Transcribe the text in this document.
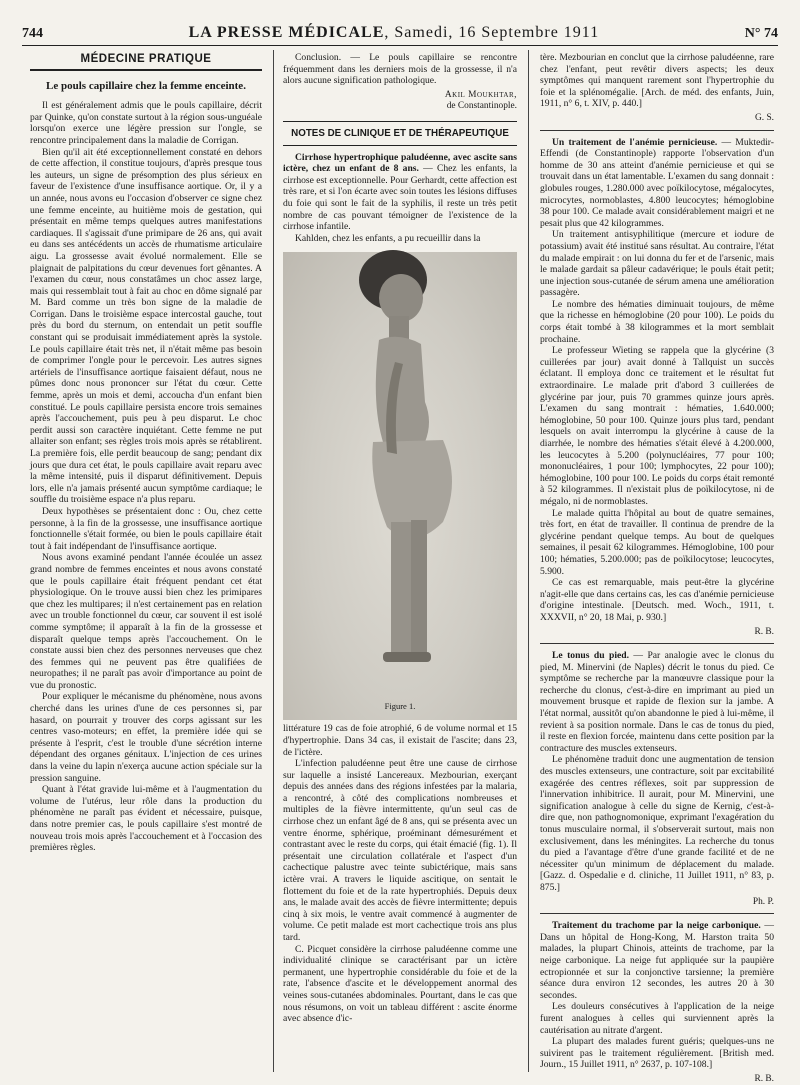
744	LA PRESSE MÉDICALE, Samedi, 16 Septembre 1911	N° 74
MÉDECINE PRATIQUE
Le pouls capillaire chez la femme enceinte.

Il est généralement admis que le pouls capillaire, décrit par Quinke, qu'on constate surtout à la région sous-unguéale lorsqu'on exerce une légère pression sur l'ongle, se rencontre principalement dans la maladie de Corrigan.

Bien qu'il ait été exceptionnellement constaté en dehors de cette affection, il constitue toujours, d'après presque tous les auteurs, un signe de présomption des plus sérieux en faveur de l'existence d'une insuffisance aortique. Or, il y a un année, nous avons eu l'occasion d'observer ce signe chez une femme enceinte, au huitième mois de gestation, qui présentait en même temps quelques autres manifestations cardiaques. Il s'agissait d'une primipare de 26 ans, qui avait eu dans ses antécédents un accès de rhumatisme articulaire aigu. La grossesse avait évolué normalement. Elle se plaignait de palpitations du cœur devenues fort gênantes. A l'examen du cœur, nous constatâmes un choc assez large, mais qui ressemblait tout à fait au choc en dôme signalé par M. Bard comme un très bon signe de la maladie de Corrigan. Dans le troisième espace intercostal gauche, tout près du bord du sternum, on entendait un petit souffle constant qui se produisait immédiatement après la systole. Le pouls capillaire était très net, il n'était même pas besoin de comprimer l'ongle pour le percevoir. Les autres signes artériels de l'insuffisance aortique faisaient défaut, nous ne pûmes donc nous prononcer sur l'état du cœur. Cette femme, après un mois et demi, accoucha d'un enfant bien constitué. Le pouls capillaire persista encore trois semaines après l'accouchement, puis peu à peu disparut. Le choc perdit aussi son caractère inquiétant. Cette femme ne put allaiter son enfant; ses règles trois mois après se rétablirent. La première fois, elle perdit beaucoup de sang; pendant dix jours que dura cet état, le pouls capillaire avait reparu avec la même intensité, puis il disparut définitivement. Depuis lors, elle n'a jamais présenté aucun symptôme cardiaque; le souffle du troisième espace n'a plus reparu.

Deux hypothèses se présentaient donc : Ou, chez cette personne, à la fin de la grossesse, une insuffisance aortique fonctionnelle s'était formée, ou bien le pouls capillaire était tout à fait indépendant de l'insuffisance aortique.

Nous avons examiné pendant l'année écoulée un assez grand nombre de femmes enceintes et nous avons constaté que le pouls capillaire était fréquent pendant cet état physiologique. On le trouve aussi bien chez les primipares que chez les multipares; il n'est certainement pas en relation avec un trouble fonctionnel du cœur, car souvent il est isolé comme symptôme; il apparaît à la fin de la grossesse et disparaît quelque temps après l'accouchement. On le constate aussi bien chez des personnes nerveuses que chez des femmes qui ne peuvent pas être qualifiées de neuropathes; il ne paraît pas avoir d'importance au point de vue du pronostic.

Pour expliquer le mécanisme du phénomène, nous avons cherché dans les urines d'une de ces personnes si, par hasard, on pourrait y trouver des corps agissant sur les centres vaso-moteurs; en effet, la première idée qui se présente à l'esprit, c'est le trouble d'une sécrétion interne dépendant des organes génitaux. L'injection de ces urines dans la veine du lapin n'exerça aucune action spéciale sur la pression sanguine.

Quant à l'état gravide lui-même et à l'augmentation du volume de l'utérus, leur rôle dans la production du phénomène ne paraît pas évident et nécessaire, puisque, dans notre premier cas, le pouls capillaire s'est montré de nouveau trois mois après l'accouchement et à l'occasion des premières règles.

Conclusion. — Le pouls capillaire se rencontre fréquemment dans les derniers mois de la grossesse, il n'a alors aucune signification pathologique.

Akil Moukhtar,
de Constantinople.
NOTES DE CLINIQUE ET DE THÉRAPEUTIQUE

Cirrhose hypertrophique paludéenne, avec ascite sans ictère, chez un enfant de 8 ans. — Chez les enfants, la cirrhose est exceptionnelle. Pour Gerhardt, cette affection est très rare, et si l'on écarte avec soin toutes les lésions diffuses du foie qui sont le fait de la syphilis, il reste un très petit nombre de cas pouvant témoigner de l'existence de la cirrhose infantile.

Kahlden, chez les enfants, a pu recueillir dans la

Figure 1.

littérature 19 cas de foie atrophié, 6 de volume normal et 15 d'hypertrophie. Dans 34 cas, il existait de l'ascite; dans 23, de l'ictère.

L'infection paludéenne peut être une cause de cirrhose sur laquelle a insisté Lancereaux. Mezbourian, exerçant depuis des années dans des régions infestées par la malaria, a rencontré, à côté des complications nombreuses et multiples de la fièvre intermittente, qu'un seul cas de cirrhose chez un enfant âgé de 8 ans, qui se présenta avec un ventre énorme, sphérique, proéminant démesurément et contrastant avec le reste du corps, qui était émacié (fig. 1). Il présentait une circulation collatérale et l'aspect d'un cachectique palustre avec teinte subictérique, mais sans ictère vrai. A travers le liquide ascitique, on sentait le flottement du foie et de la rate hypertrophiés. Depuis deux ans, le malade avait des accès de fièvre intermittente; depuis cinq à six mois, le ventre avait commencé à augmenter de volume. Ce petit malade est mort cachectique trois ans plus tard.

C. Picquet considère la cirrhose paludéenne comme une individualité clinique se caractérisant par un ictère permanent, une hypertrophie considérable du foie et de la rate, l'absence d'ascite et le développement anormal des veines sous-cutanées abdominales. Pourtant, dans le cas que nous résumons, on voit un tableau différent : ascite énorme avec absence d'ic-

tère. Mezbourian en conclut que la cirrhose paludéenne, rare chez l'enfant, peut revêtir divers aspects; les deux symptômes qui manquent rarement sont l'hypertrophie du foie et la splénomégalie. [Arch. de méd. des enfants, Juin, 1911, n° 6, t. XIV, p. 440.]

G. S.

Un traitement de l'anémie pernicieuse. — Muktedir-Effendi (de Constantinople) rapporte l'observation d'un homme de 30 ans atteint d'anémie pernicieuse et qui se trouvait dans un état lamentable. L'examen du sang donnait : globules rouges, 1.280.000 avec poïkilocytose, mégalocytes, microcytes, normoblastes, 4.800 leucocytes; hémoglobine 38 pour 100. Ce malade avait considérablement maigri et ne pesait plus que 42 kilogrammes.

Un traitement antisyphilitique (mercure et iodure de potassium) avait été institué sans résultat. Au contraire, l'état du malade empirait : on lui donna du fer et de l'arsenic, mais le malade gardait sa pâleur cadavérique; le pouls était petit; une injection sous-cutanée de sérum amena une amélioration passagère.

Le nombre des hématies diminuait toujours, de même que la richesse en hémoglobine (20 pour 100). Le poids du corps était tombé à 38 kilogrammes et la mort semblait prochaine.

Le professeur Wieting se rappela que la glycérine (3 cuillerées par jour) avait donné à Tallquist un succès éclatant. Il employa donc ce traitement et le résultat fut extraordinaire. Le malade prit d'abord 3 cuillerées de glycérine par jour, puis 70 grammes quinze jours après. L'examen du sang montrait : hématies, 1.640.000; hémoglobine, 50 pour 100. Quinze jours plus tard, pendant lesquels on avait interrompu la glycérine à cause de la diarrhée, le nombre des hématies s'était élevé à 4.200.000, les leucocytes à 5.200 (polynucléaires, 77 pour 100; mononucléaires, 1 pour 100; lymphocytes, 22 pour 100); hémoglobine, 100 pour 100. Le poids du corps était remonté à 52 kilogrammes. Il n'existait plus de poïkilocytose, ni de mégalo, ni de normoblastes.

Le malade quitta l'hôpital au bout de quatre semaines, très fort, en état de travailler. Il continua de prendre de la glycérine pendant quelque temps. Au bout de quelques semaines, il pesait 62 kilogrammes. Hémoglobine, 100 pour 100; hématies, 5.200.000; pas de poïkilocytose; leucocytes, 5.900.

Ce cas est remarquable, mais peut-être la glycérine n'agit-elle que dans certains cas, les cas d'anémie pernicieuse d'origine intestinale. [Deutsch. med. Woch., 1911, t. XXXVII, n° 20, 18 Mai, p. 930.]

R. B.

Le tonus du pied. — Par analogie avec le clonus du pied, M. Minervini (de Naples) décrit le tonus du pied. Ce symptôme se recherche par la manœuvre classique pour la recherche du clonus, c'est-à-dire en imprimant au pied un mouvement brusque et rapide de flexion sur la jambe. A l'état normal, aussitôt qu'on abandonne le pied à lui-même, il revient à sa position normale. Dans le cas de tonus du pied, il reste en flexion forcée, maintenu dans cette position par la contracture des muscles extenseurs.

Le phénomène traduit donc une augmentation de tension des muscles extenseurs, une contracture, soit par excitabilité exagérée des centres réflexes, soit par suppression de l'innervation inhibitrice. Il aurait, pour M. Minervini, une signification analogue à celle du signe de Kernig, c'est-à-dire que, non pathognomonique, exprimant l'exagération du tonus musculaire normal, il s'observerait surtout, mais non exclusivement, dans les méningites. La recherche du tonus du pied a l'avantage d'être d'une grande facilité et de ne nécessiter qu'un minimum de déplacement du malade. [Gazz. d. Ospedalie e d. cliniche, 11 Juillet 1911, n° 83, p. 875.]

Ph. P.

Traitement du trachome par la neige carbonique. — Dans un hôpital de Hong-Kong, M. Harston traita 50 malades, la plupart Chinois, atteints de trachome, par la neige carbonique. La neige fut appliquée sur la paupière ectropionnée et sur la conjonctive tarsienne; la première séance dura environ 12 secondes, les autres 20 à 30 secondes.

Les douleurs consécutives à l'application de la neige furent analogues à celles qui surviennent après la cautérisation au nitrate d'argent.

La plupart des malades furent guéris; quelques-uns ne suivirent pas le traitement régulièrement. [British med. Journ., 15 Juillet 1911, n° 2637, p. 107-108.]

R. B.
